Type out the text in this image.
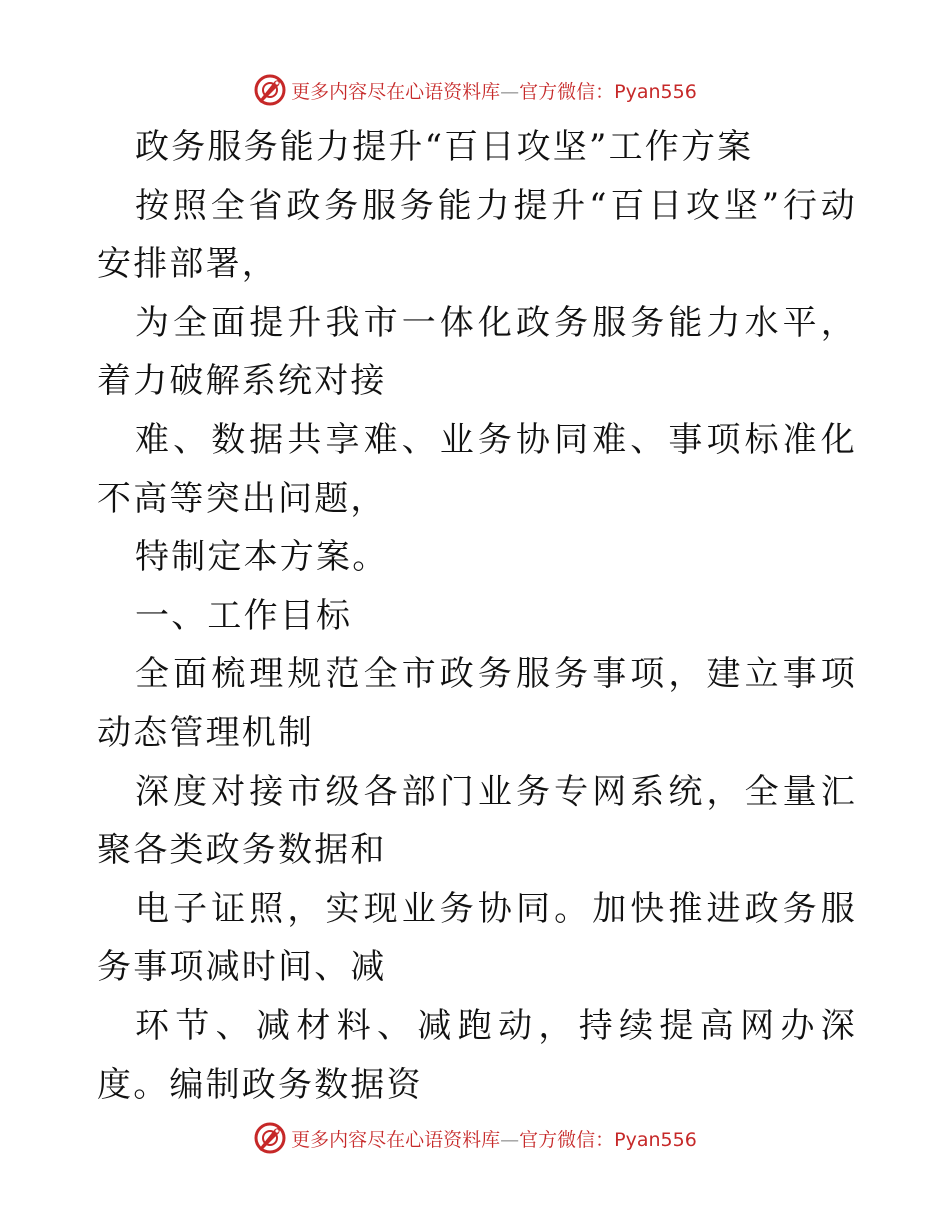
更多内容尽在心语资料库—官方微信：Pyan556

政务服务能力提升“百日攻坚”工作方案

按照全省政务服务能力提升“百日攻坚”行动安排部署，

为全面提升我市一体化政务服务能力水平，着力破解系统对接

难、数据共享难、业务协同难、事项标准化不高等突出问题，

特制定本方案。

一、工作目标

全面梳理规范全市政务服务事项，建立事项动态管理机制

深度对接市级各部门业务专网系统，全量汇聚各类政务数据和

电子证照，实现业务协同。加快推进政务服务事项减时间、减

环节、减材料、减跑动，持续提高网办深度。编制政务数据资

更多内容尽在心语资料库—官方微信：Pyan556
